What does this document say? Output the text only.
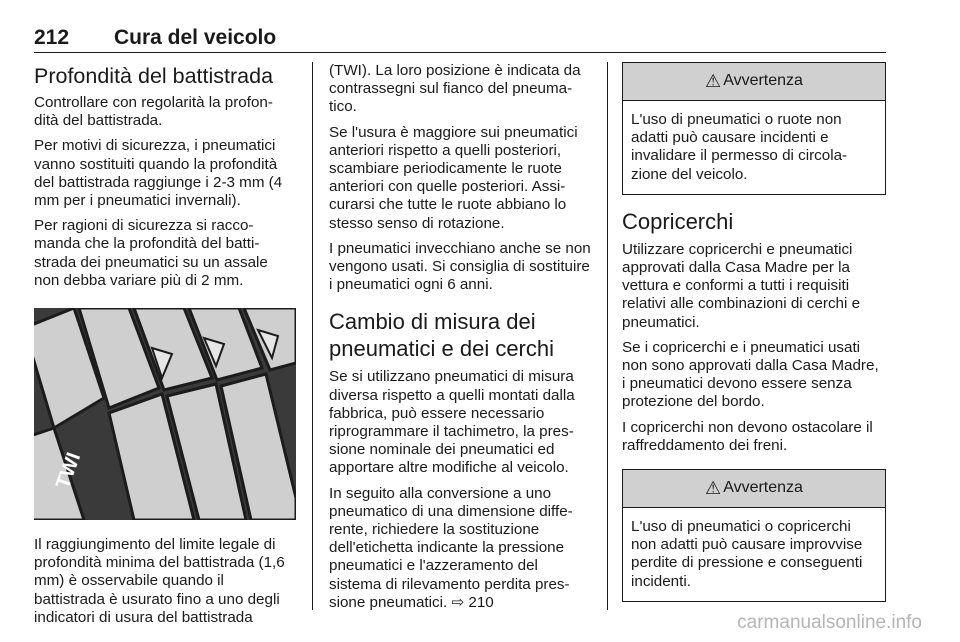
212 Cura del veicolo
Profondità del battistrada

Controllare con regolarità la profon-dità del battistrada.

Per motivi di sicurezza, i pneumatici vanno sostituiti quando la profondità del battistrada raggiunge i 2-3 mm (4 mm per i pneumatici invernali).

Per ragioni di sicurezza si racco-manda che la profondità del batti-strada dei pneumatici su un assale non debba variare più di 2 mm.

TWI

Il raggiungimento del limite legale di profondità minima del battistrada (1,6 mm) è osservabile quando il battistrada è usurato fino a uno degli indicatori di usura del battistrada

(TWI). La loro posizione è indicata da contrassegni sul fianco del pneuma-tico.

Se l'usura è maggiore sui pneumatici anteriori rispetto a quelli posteriori, scambiare periodicamente le ruote anteriori con quelle posteriori. Assi-curarsi che tutte le ruote abbiano lo stesso senso di rotazione.

I pneumatici invecchiano anche se non vengono usati. Si consiglia di sostituire i pneumatici ogni 6 anni.

Cambio di misura dei pneumatici e dei cerchi

Se si utilizzano pneumatici di misura diversa rispetto a quelli montati dalla fabbrica, può essere necessario riprogrammare il tachimetro, la pres-sione nominale dei pneumatici ed apportare altre modifiche al veicolo.

In seguito alla conversione a uno pneumatico di una dimensione diffe-rente, richiedere la sostituzione dell'etichetta indicante la pressione pneumatici e l'azzeramento del sistema di rilevamento perdita pres-sione pneumatici. ⇨ 210

⚠ Avvertenza
L'uso di pneumatici o ruote non adatti può causare incidenti e invalidare il permesso di circola-zione del veicolo.
Copricerchi

Utilizzare copricerchi e pneumatici approvati dalla Casa Madre per la vettura e conformi a tutti i requisiti relativi alle combinazioni di cerchi e pneumatici.

Se i copricerchi e i pneumatici usati non sono approvati dalla Casa Madre, i pneumatici devono essere senza protezione del bordo.

I copricerchi non devono ostacolare il raffreddamento dei freni.

⚠ Avvertenza
L'uso di pneumatici o copricerchi non adatti può causare improvvise perdite di pressione e conseguenti incidenti.
carmanualsonline.info
